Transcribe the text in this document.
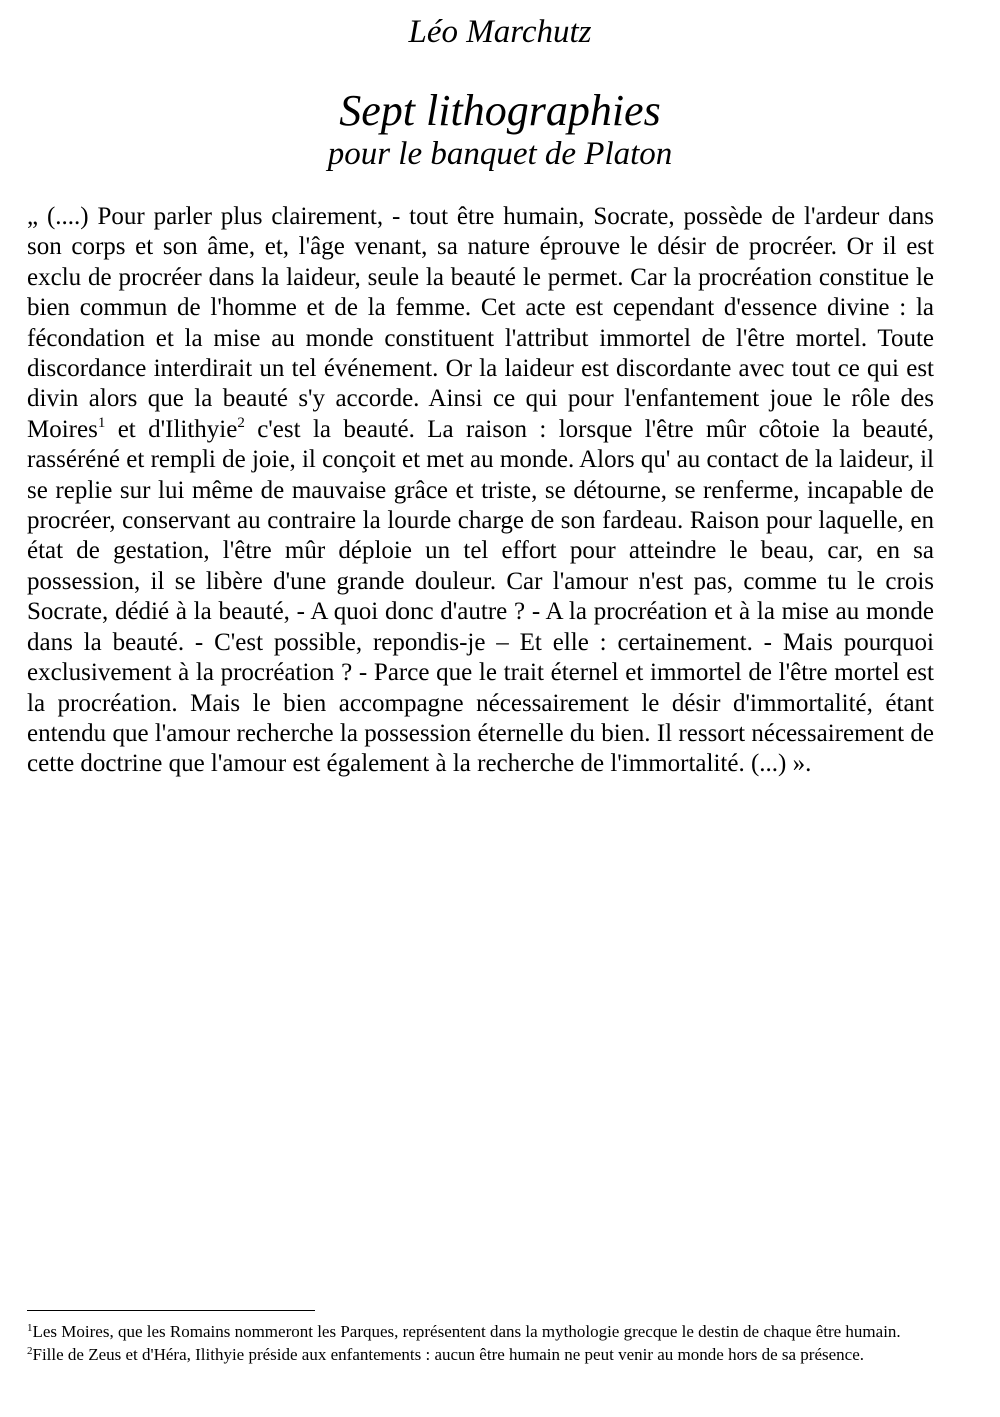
Léo Marchutz
Sept lithographies
pour le banquet de Platon

„ (....) Pour parler plus clairement, - tout être humain, Socrate, possède de l'ardeur dans son corps et son âme, et, l'âge venant, sa nature éprouve le désir de procréer. Or il est exclu de procréer dans la laideur, seule la beauté le permet. Car la procréation constitue le bien commun de l'homme et de la femme. Cet acte est cependant d'essence divine : la fécondation et la mise au monde constituent l'attribut immortel de l'être mortel. Toute discordance interdirait un tel événement. Or la laideur est discordante avec tout ce qui est divin alors que la beauté s'y accorde. Ainsi ce qui pour l'enfantement joue le rôle des Moires$^1$ et d'Ilithyie$^2$ c'est la beauté. La raison : lorsque l'être mûr côtoie la beauté, rasséréné et rempli de joie, il conçoit et met au monde. Alors qu' au contact de la laideur, il se replie sur lui même de mauvaise grâce et triste, se détourne, se renferme, incapable de procréer, conservant au contraire la lourde charge de son fardeau. Raison pour laquelle, en état de gestation, l'être mûr déploie un tel effort pour atteindre le beau, car, en sa possession, il se libère d'une grande douleur. Car l'amour n'est pas, comme tu le crois Socrate, dédié à la beauté, - A quoi donc d'autre ? - A la procréation et à la mise au monde dans la beauté. - C'est possible, repondis-je – Et elle : certainement. - Mais pourquoi exclusivement à la procréation ? - Parce que le trait éternel et immortel de l'être mortel est la procréation. Mais le bien accompagne nécessairement le désir d'immortalité, étant entendu que l'amour recherche la possession éternelle du bien. Il ressort nécessairement de cette doctrine que l'amour est également à la recherche de l'immortalité. (...) ».

$^1$Les Moires, que les Romains nommeront les Parques, représentent dans la mythologie grecque le destin de chaque être humain.

$^2$Fille de Zeus et d'Héra, Ilithyie préside aux enfantements : aucun être humain ne peut venir au monde hors de sa présence.
